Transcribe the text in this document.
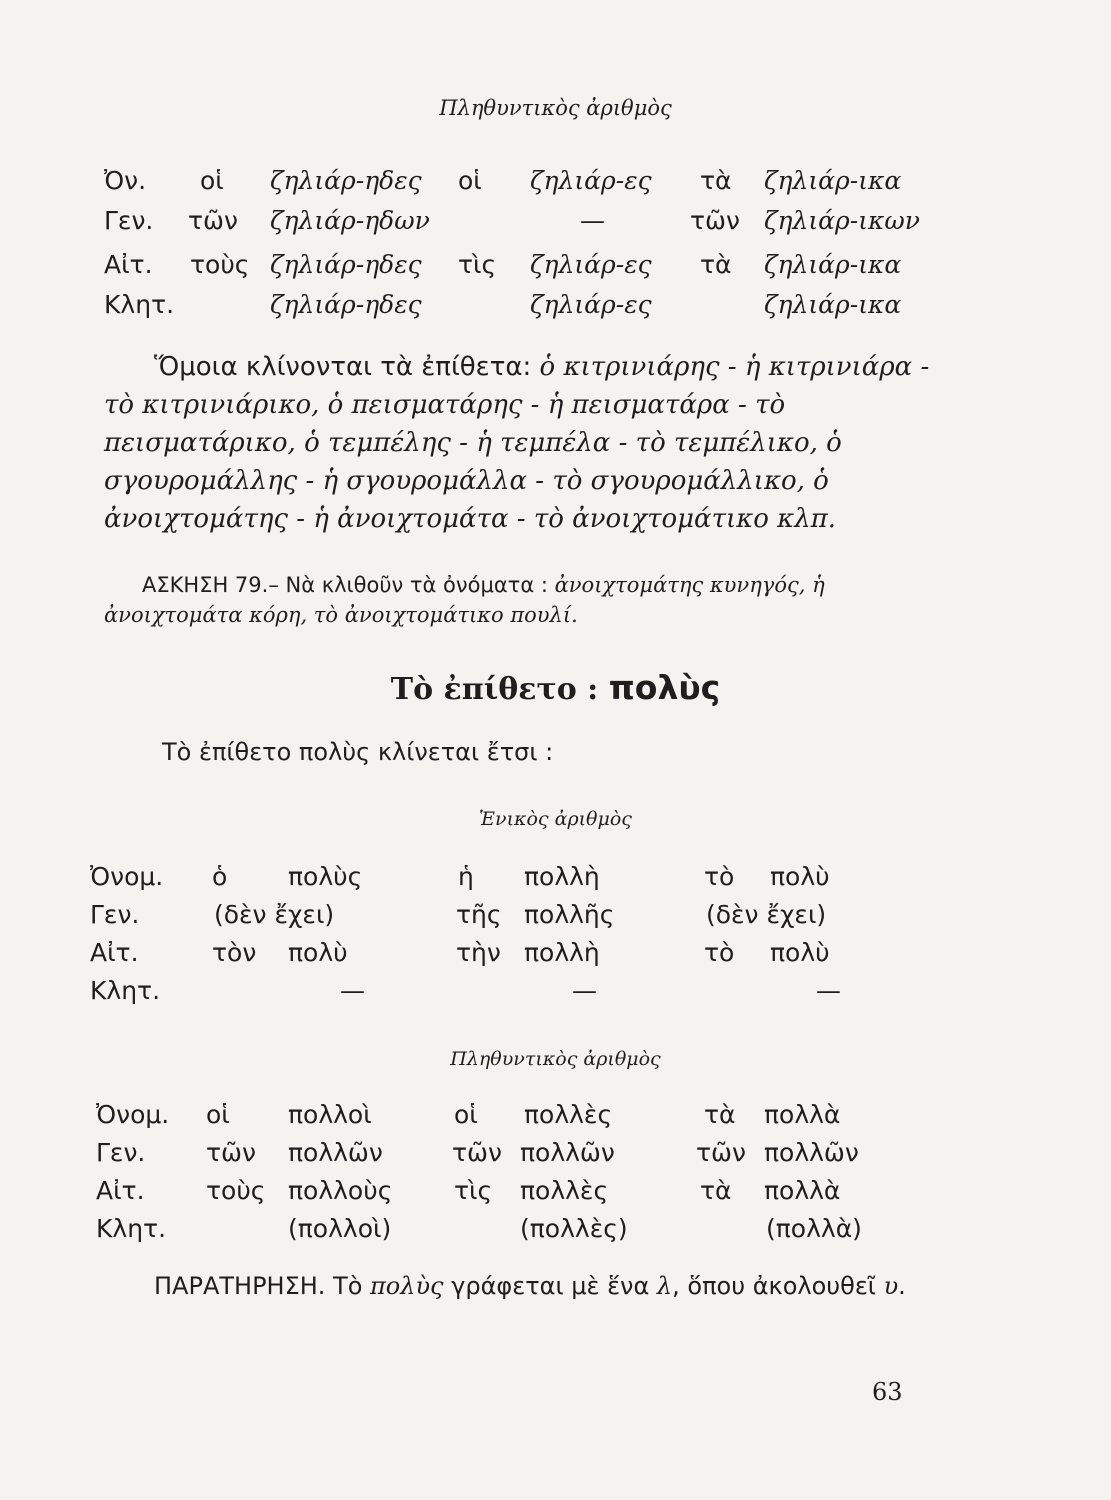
Πληθυντικὸς ἀριθμὸς
Ὀν. οἱ ζηλιάρ-ηδες οἱ ζηλιάρ-ες τὰ ζηλιάρ-ικα
Γεν. τῶν ζηλιάρ-ηδων	—	τῶν ζηλιάρ-ικων
Αἰτ. τοὺς ζηλιάρ-ηδες τὶς ζηλιάρ-ες τὰ ζηλιάρ-ικα
Κλητ.	ζηλιάρ-ηδες	ζηλιάρ-ες	ζηλιάρ-ικα
Ὅμοια κλίνονται τὰ ἐπίθετα: ὁ κιτρινιάρης - ἡ κιτρινιάρα - τὸ κιτρινιάρικο, ὁ πεισματάρης - ἡ πεισματάρα - τὸ πεισματάρικο, ὁ τεμπέλης - ἡ τεμπέλα - τὸ τεμπέλικο, ὁ σγουρομάλλης - ἡ σγουρομάλλα - τὸ σγουρομάλλικο, ὁ ἀνοιχτομάτης - ἡ ἀνοιχτομάτα - τὸ ἀνοιχτομάτικο κλπ.
ΑΣΚΗΣΗ 79.– Νὰ κλιθοῦν τὰ ὀνόματα : ἀνοιχτομάτης κυνηγός, ἡ ἀνοιχτομάτα κόρη, τὸ ἀνοιχτομάτικο πουλί.
Τὸ ἐπίθετο : πολὺς
Τὸ ἐπίθετο πολὺς κλίνεται ἔτσι :
Ἑνικὸς ἀριθμὸς
Ὀνομ. ὁ πολὺς	ἡ πολλὴ	τὸ πολὺ
Γεν.	(δὲν ἔχει)	τῆς πολλῆς	(δὲν ἔχει)
Αἰτ.	τὸν πολὺ	τὴν πολλὴ	τὸ πολὺ
Κλητ.	—	—	—
Πληθυντικὸς ἀριθμὸς
Ὀνομ. οἱ πολλοὶ	οἱ πολλὲς	τὰ πολλὰ
Γεν. τῶν πολλῶν	τῶν πολλῶν	τῶν πολλῶν
Αἰτ. τοὺς πολλοὺς τὶς πολλὲς	τὰ πολλὰ
Κλητ.	(πολλοὶ)	(πολλὲς)	(πολλὰ)
ΠΑΡΑΤΗΡΗΣΗ. Τὸ πολὺς γράφεται μὲ ἕνα λ, ὅπου ἀκολουθεῖ υ.
63
